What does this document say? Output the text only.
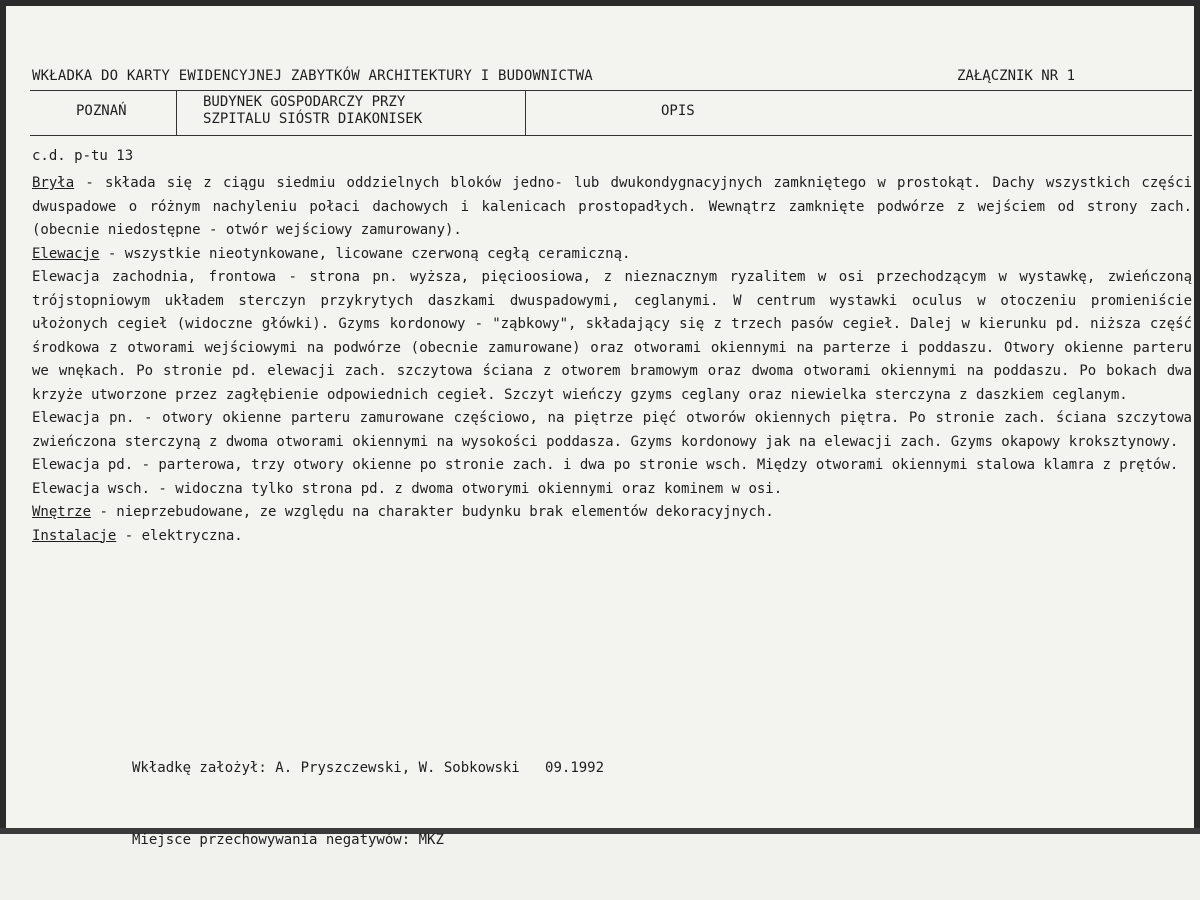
WKŁADKA DO KARTY EWIDENCYJNEJ ZABYTKÓW ARCHITEKTURY I BUDOWNICTWA	ZAŁĄCZNIK NR 1
POZNAŃ
BUDYNEK GOSPODARCZY PRZY
SZPITALU SIÓSTR DIAKONISEK	OPIS
c.d. p-tu 13

Bryła - składa się z ciągu siedmiu oddzielnych bloków jedno- lub dwukondygnacyjnych zamkniętego w prostokąt. Dachy wszystkich części dwuspadowe o różnym nachyleniu połaci dachowych i kalenicach prostopadłych. Wewnątrz zamknięte podwórze z wejściem od strony zach. (obecnie niedostępne - otwór wejściowy zamurowany).

Elewacje - wszystkie nieotynkowane, licowane czerwoną cegłą ceramiczną.

Elewacja zachodnia, frontowa - strona pn. wyższa, pięcioosiowa, z nieznacznym ryzalitem w osi przechodzącym w wystawkę, zwieńczoną trójstopniowym układem sterczyn przykrytych daszkami dwuspadowymi, ceglanymi. W centrum wystawki oculus w otoczeniu promieniście ułożonych cegieł (widoczne główki). Gzyms kordonowy - "ząbkowy", składający się z trzech pasów cegieł. Dalej w kierunku pd. niższa część środkowa z otworami wejściowymi na podwórze (obecnie zamurowane) oraz otworami okiennymi na parterze i poddaszu. Otwory okienne parteru we wnękach. Po stronie pd. elewacji zach. szczytowa ściana z otworem bramowym oraz dwoma otworami okiennymi na poddaszu. Po bokach dwa krzyże utworzone przez zagłębienie odpowiednich cegieł. Szczyt wieńczy gzyms ceglany oraz niewielka sterczyna z daszkiem ceglanym.

Elewacja pn. - otwory okienne parteru zamurowane częściowo, na piętrze pięć otworów okiennych piętra. Po stronie zach. ściana szczytowa zwieńczona sterczyną z dwoma otworami okiennymi na wysokości poddasza. Gzyms kordonowy jak na elewacji zach. Gzyms okapowy kroksztynowy.

Elewacja pd. - parterowa, trzy otwory okienne po stronie zach. i dwa po stronie wsch. Między otworami okiennymi stalowa klamra z prętów.

Elewacja wsch. - widoczna tylko strona pd. z dwoma otworymi okiennymi oraz kominem w osi.

Wnętrze - nieprzebudowane, ze względu na charakter budynku brak elementów dekoracyjnych.

Instalacje - elektryczna.

Wkładkę założył: A. Pryszczewski, W. Sobkowski 09.1992

Miejsce przechowywania negatywów: MKZ
